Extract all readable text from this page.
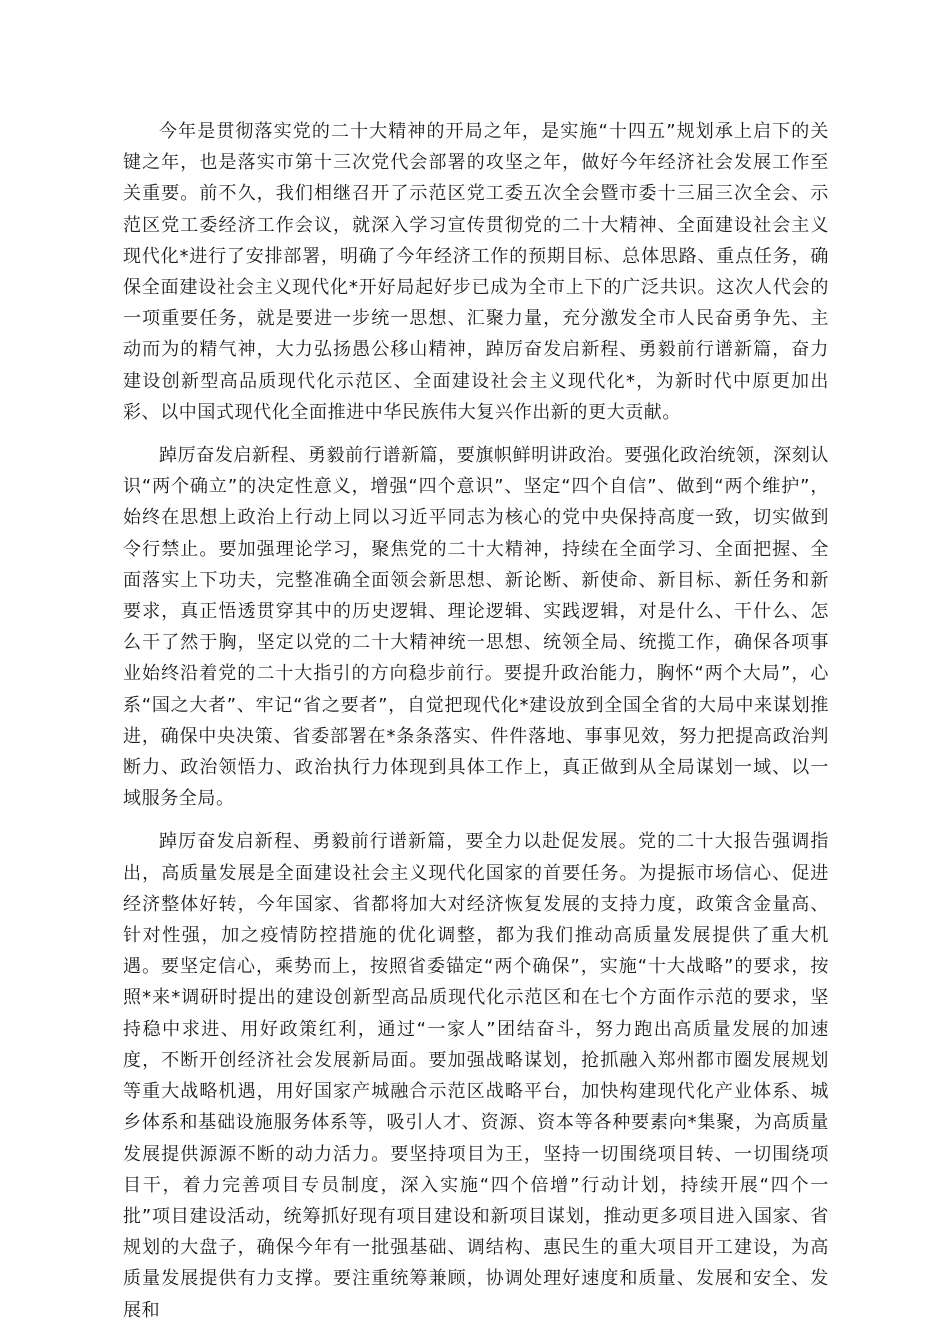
今年是贯彻落实党的二十大精神的开局之年，是实施“十四五”规划承上启下的关键之年，也是落实市第十三次党代会部署的攻坚之年，做好今年经济社会发展工作至关重要。前不久，我们相继召开了示范区党工委五次全会暨市委十三届三次全会、示范区党工委经济工作会议，就深入学习宣传贯彻党的二十大精神、全面建设社会主义现代化*进行了安排部署，明确了今年经济工作的预期目标、总体思路、重点任务，确保全面建设社会主义现代化*开好局起好步已成为全市上下的广泛共识。这次人代会的一项重要任务，就是要进一步统一思想、汇聚力量，充分激发全市人民奋勇争先、主动而为的精气神，大力弘扬愚公移山精神，踔厉奋发启新程、勇毅前行谱新篇，奋力建设创新型高品质现代化示范区、全面建设社会主义现代化*，为新时代中原更加出彩、以中国式现代化全面推进中华民族伟大复兴作出新的更大贡献。

踔厉奋发启新程、勇毅前行谱新篇，要旗帜鲜明讲政治。要强化政治统领，深刻认识“两个确立”的决定性意义，增强“四个意识”、坚定“四个自信”、做到“两个维护”，始终在思想上政治上行动上同以习近平同志为核心的党中央保持高度一致，切实做到令行禁止。要加强理论学习，聚焦党的二十大精神，持续在全面学习、全面把握、全面落实上下功夫，完整准确全面领会新思想、新论断、新使命、新目标、新任务和新要求，真正悟透贯穿其中的历史逻辑、理论逻辑、实践逻辑，对是什么、干什么、怎么干了然于胸，坚定以党的二十大精神统一思想、统领全局、统揽工作，确保各项事业始终沿着党的二十大指引的方向稳步前行。要提升政治能力，胸怀“两个大局”，心系“国之大者”、牢记“省之要者”，自觉把现代化*建设放到全国全省的大局中来谋划推进，确保中央决策、省委部署在*条条落实、件件落地、事事见效，努力把提高政治判断力、政治领悟力、政治执行力体现到具体工作上，真正做到从全局谋划一域、以一域服务全局。

踔厉奋发启新程、勇毅前行谱新篇，要全力以赴促发展。党的二十大报告强调指出，高质量发展是全面建设社会主义现代化国家的首要任务。为提振市场信心、促进经济整体好转，今年国家、省都将加大对经济恢复发展的支持力度，政策含金量高、针对性强，加之疫情防控措施的优化调整，都为我们推动高质量发展提供了重大机遇。要坚定信心，乘势而上，按照省委锚定“两个确保”，实施“十大战略”的要求，按照*来*调研时提出的建设创新型高品质现代化示范区和在七个方面作示范的要求，坚持稳中求进、用好政策红利，通过“一家人”团结奋斗，努力跑出高质量发展的加速度，不断开创经济社会发展新局面。要加强战略谋划，抢抓融入郑州都市圈发展规划等重大战略机遇，用好国家产城融合示范区战略平台，加快构建现代化产业体系、城乡体系和基础设施服务体系等，吸引人才、资源、资本等各种要素向*集聚，为高质量发展提供源源不断的动力活力。要坚持项目为王，坚持一切围绕项目转、一切围绕项目干，着力完善项目专员制度，深入实施“四个倍增”行动计划，持续开展“四个一批”项目建设活动，统筹抓好现有项目建设和新项目谋划，推动更多项目进入国家、省规划的大盘子，确保今年有一批强基础、调结构、惠民生的重大项目开工建设，为高质量发展提供有力支撑。要注重统筹兼顾，协调处理好速度和质量、发展和安全、发展和
